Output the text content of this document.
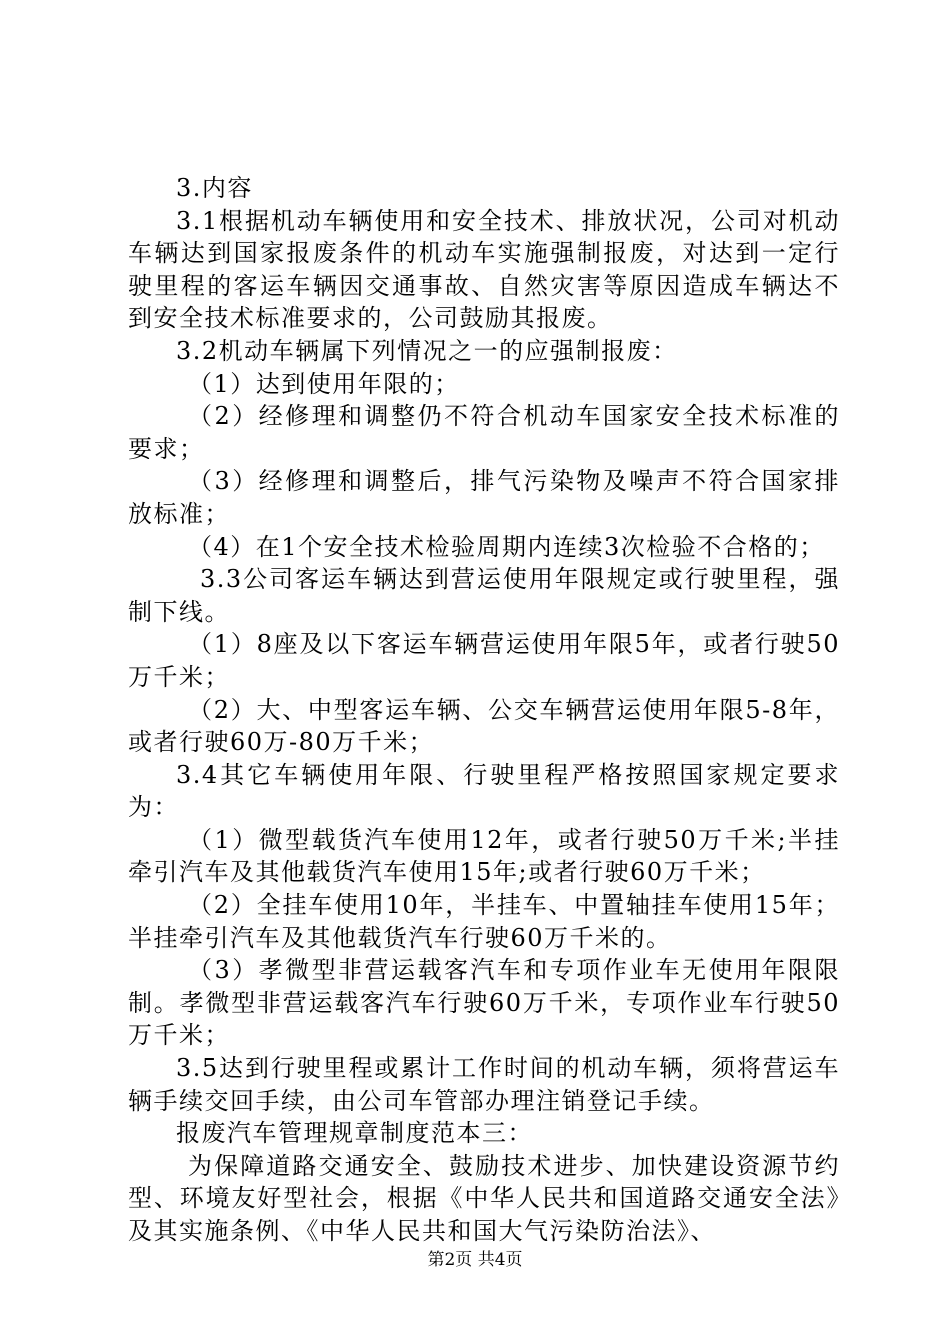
3.内容

3.1根据机动车辆使用和安全技术、排放状况，公司对机动车辆达到国家报废条件的机动车实施强制报废，对达到一定行驶里程的客运车辆因交通事故、自然灾害等原因造成车辆达不到安全技术标准要求的，公司鼓励其报废。

3.2机动车辆属下列情况之一的应强制报废：

（1）达到使用年限的；

（2）经修理和调整仍不符合机动车国家安全技术标准的要求；

（3）经修理和调整后，排气污染物及噪声不符合国家排放标准；

（4）在1个安全技术检验周期内连续3次检验不合格的；

3.3公司客运车辆达到营运使用年限规定或行驶里程，强制下线。

（1）8座及以下客运车辆营运使用年限5年，或者行驶50万千米；

（2）大、中型客运车辆、公交车辆营运使用年限5-8年，或者行驶60万-80万千米；

3.4其它车辆使用年限、行驶里程严格按照国家规定要求为：

（1）微型载货汽车使用12年，或者行驶50万千米;半挂牵引汽车及其他载货汽车使用15年;或者行驶60万千米；

（2）全挂车使用10年，半挂车、中置轴挂车使用15年；半挂牵引汽车及其他载货汽车行驶60万千米的。

（3）孝微型非营运载客汽车和专项作业车无使用年限限制。孝微型非营运载客汽车行驶60万千米，专项作业车行驶50万千米；

3.5达到行驶里程或累计工作时间的机动车辆，须将营运车辆手续交回手续，由公司车管部办理注销登记手续。

报废汽车管理规章制度范本三：

为保障道路交通安全、鼓励技术进步、加快建设资源节约型、环境友好型社会，根据《中华人民共和国道路交通安全法》及其实施条例、《中华人民共和国大气污染防治法》、

第2页 共4页
